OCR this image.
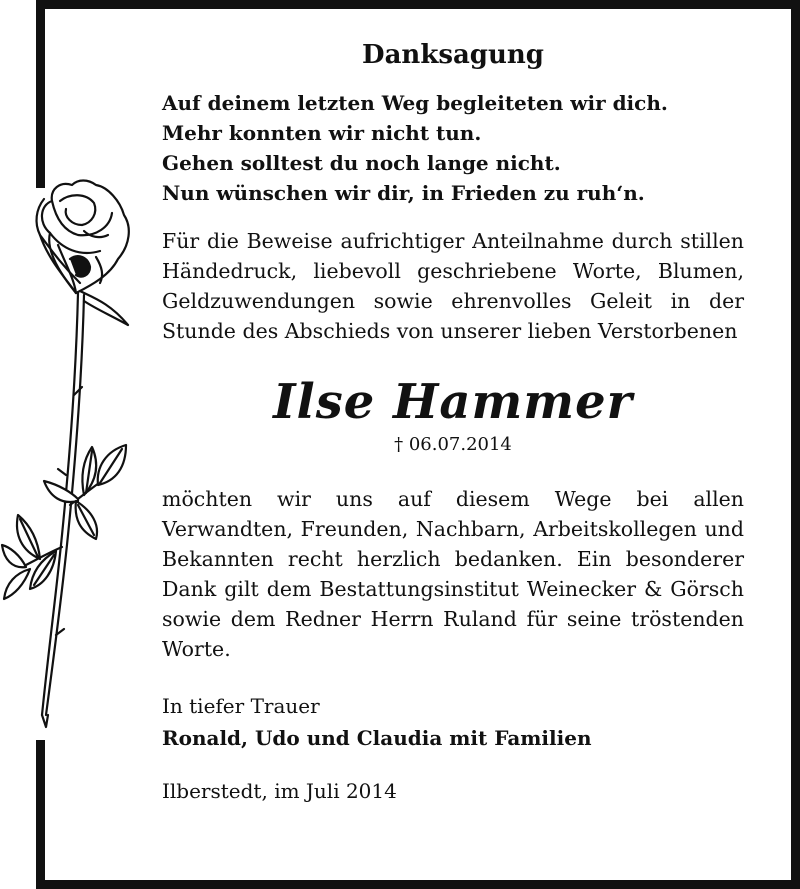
Danksagung
Auf deinem letzten Weg begleiteten wir dich.
Mehr konnten wir nicht tun.
Gehen solltest du noch lange nicht.
Nun wünschen wir dir, in Frieden zu ruh‘n.

Für die Beweise aufrichtiger Anteilnahme durch stillen Händedruck, liebevoll geschriebene Worte, Blumen, Geldzuwendungen sowie ehrenvolles Geleit in der Stunde des Abschieds von unserer lieben Verstorbenen

Ilse Hammer
† 06.07.2014

möchten wir uns auf diesem Wege bei allen Verwandten, Freunden, Nachbarn, Arbeitskollegen und Bekannten recht herzlich bedanken. Ein besonderer Dank gilt dem Bestattungsinstitut Weinecker & Görsch sowie dem Redner Herrn Ruland für seine tröstenden Worte.

In tiefer Trauer
Ronald, Udo und Claudia mit Familien
Ilberstedt, im Juli 2014
